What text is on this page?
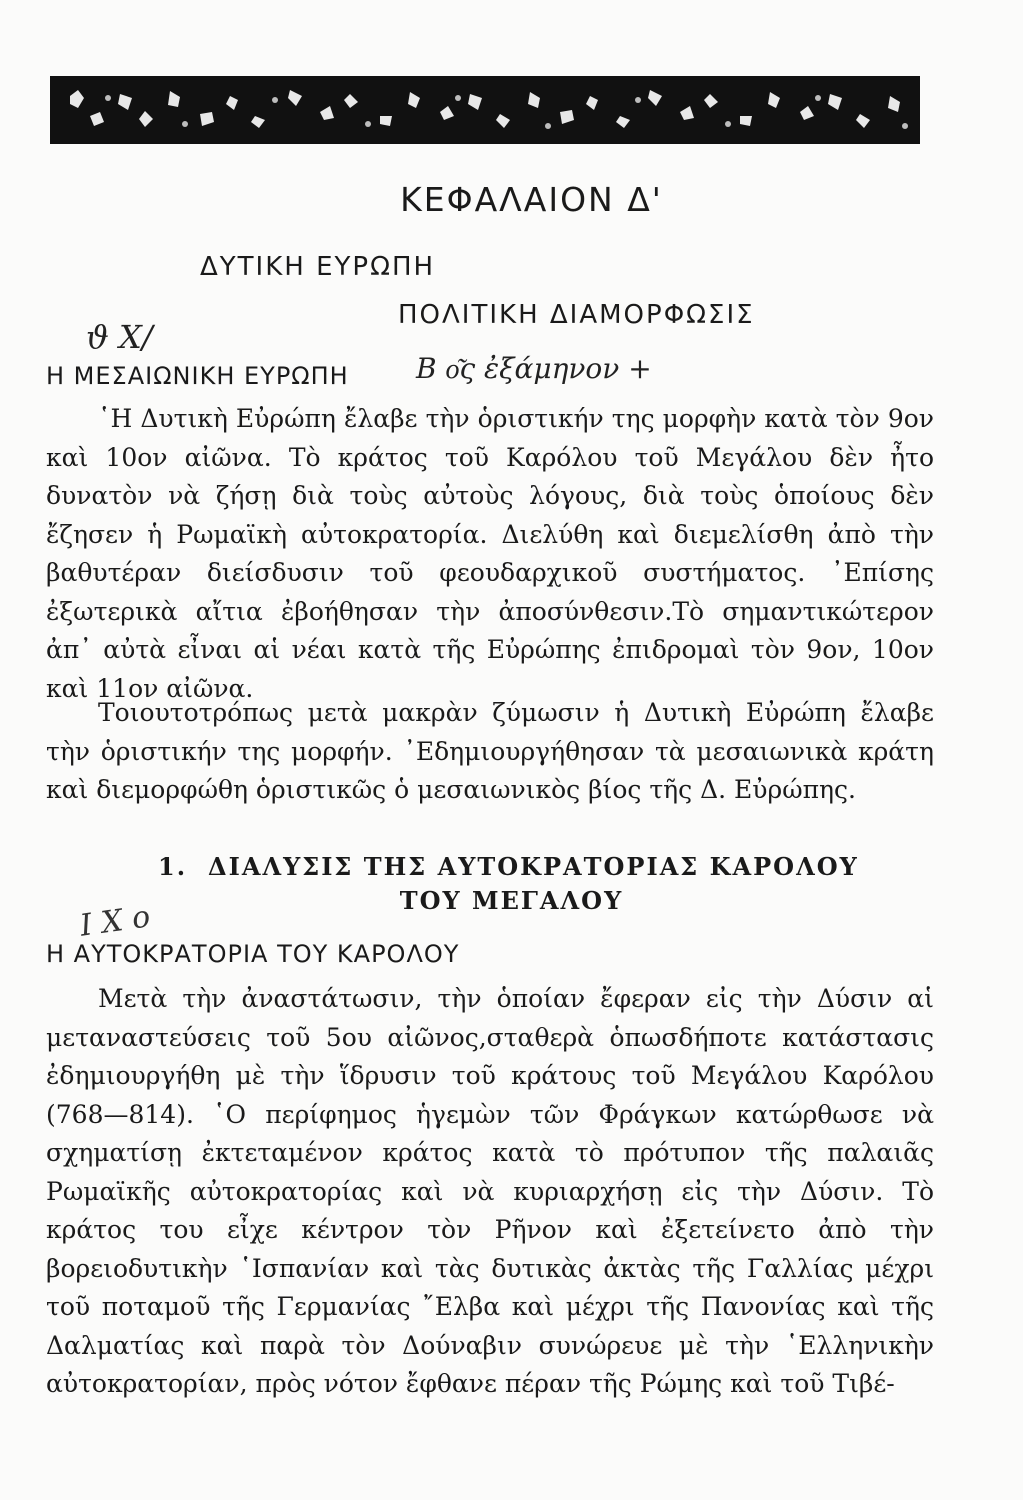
ΚΕΦΑΛΑΙΟΝ Δ'
ΔΥΤΙΚΗ ΕΥΡΩΠΗ
ΠΟΛΙΤΙΚΗ ΔΙΑΜΟΡΦΩΣΙΣ
ϑ Χ/
Η ΜΕΣΑΙΩΝΙΚΗ ΕΥΡΩΠΗ Β ο͂ς ἐξάμηνον +

῾Η Δυτικὴ Εὐρώπη ἔλαβε τὴν ὁριστικήν της μορφὴν κατὰ τὸν 9ον καὶ 10ον αἰῶνα. Τὸ κράτος τοῦ Καρόλου τοῦ Μεγάλου δὲν ἦτο δυνατὸν νὰ ζήσῃ διὰ τοὺς αὐτοὺς λόγους, διὰ τοὺς ὁποίους δὲν ἔζησεν ἡ Ρωμαϊκὴ αὐτοκρατορία. Διελύθη καὶ διεμελίσθη ἀπὸ τὴν βαθυτέραν διείσδυσιν τοῦ φεουδαρχικοῦ συστήματος. ᾿Επίσης ἐξωτερικὰ αἴτια ἐβοήθησαν τὴν ἀποσύνθεσιν.Τὸ σημαντικώτερον ἀπ᾿ αὐτὰ εἶναι αἱ νέαι κατὰ τῆς Εὐρώπης ἐπιδρομαὶ τὸν 9ον, 10ον καὶ 11ον αἰῶνα.

Τοιουτοτρόπως μετὰ μακρὰν ζύμωσιν ἡ Δυτικὴ Εὐρώπη ἔλαβε τὴν ὁριστικήν της μορφήν. ᾿Εδημιουργήθησαν τὰ μεσαιωνικὰ κράτη καὶ διεμορφώθη ὁριστικῶς ὁ μεσαιωνικὸς βίος τῆς Δ. Εὐρώπης.

1. ΔΙΑΛΥΣΙΣ ΤΗΣ ΑΥΤΟΚΡΑΤΟΡΙΑΣ ΚΑΡΟΛΟΥ
ΤΟΥ ΜΕΓΑΛΟΥ
Ι Χ ο
Η ΑΥΤΟΚΡΑΤΟΡΙΑ ΤΟΥ ΚΑΡΟΛΟΥ

Μετὰ τὴν ἀναστάτωσιν, τὴν ὁποίαν ἔφεραν εἰς τὴν Δύσιν αἱ μεταναστεύσεις τοῦ 5ου αἰῶνος,σταθερὰ ὁπωσδήποτε κατάστασις ἐδημιουργήθη μὲ τὴν ἵδρυσιν τοῦ κράτους τοῦ Μεγάλου Καρόλου (768—814). ῾Ο περίφημος ἡγεμὼν τῶν Φράγκων κατώρθωσε νὰ σχηματίσῃ ἐκτεταμένον κράτος κατὰ τὸ πρότυπον τῆς παλαιᾶς Ρωμαϊκῆς αὐτοκρατορίας καὶ νὰ κυριαρχήσῃ εἰς τὴν Δύσιν. Τὸ κράτος του εἶχε κέντρον τὸν Ρῆνον καὶ ἐξετείνετο ἀπὸ τὴν βορειοδυτικὴν ῾Ισπανίαν καὶ τὰς δυτικὰς ἀκτὰς τῆς Γαλλίας μέχρι τοῦ ποταμοῦ τῆς Γερμανίας ῎Ελβα καὶ μέχρι τῆς Πανονίας καὶ τῆς Δαλματίας καὶ παρὰ τὸν Δούναβιν συνώρευε μὲ τὴν ῾Ελληνικὴν αὐτοκρατορίαν, πρὸς νότον ἔφθανε πέραν τῆς Ρώμης καὶ τοῦ Τιβέ-
